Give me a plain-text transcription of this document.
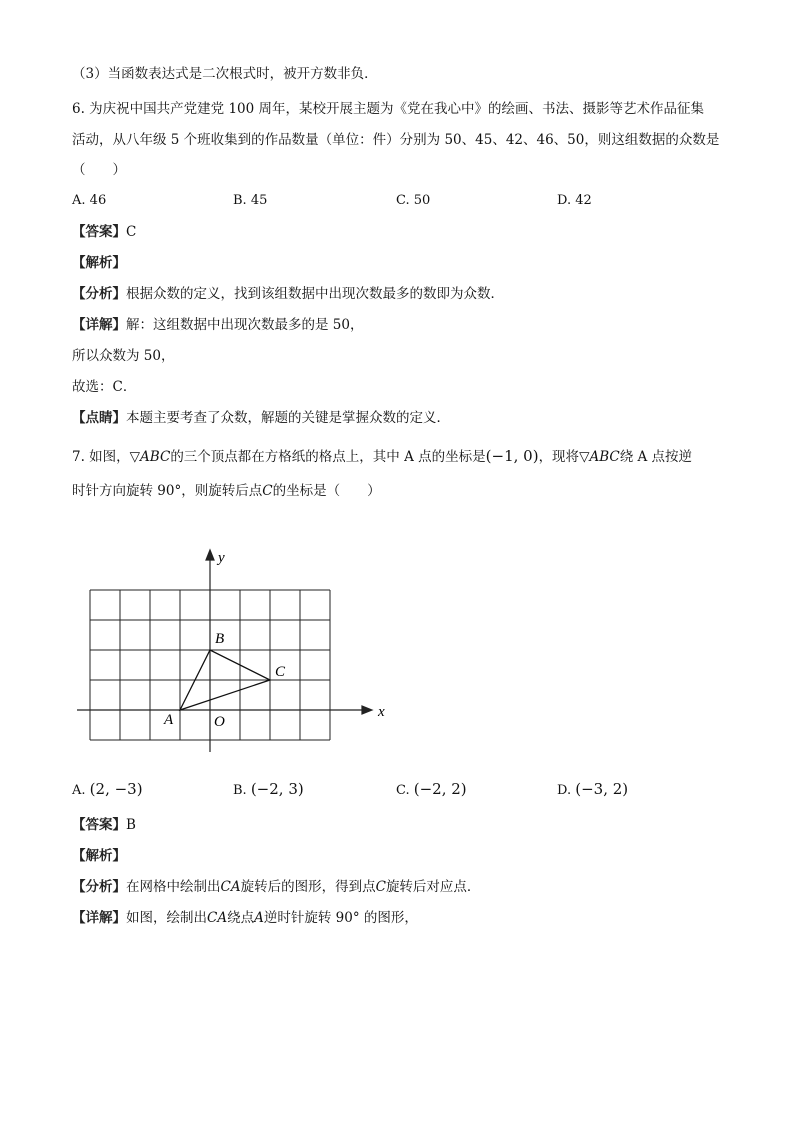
（3）当函数表达式是二次根式时，被开方数非负．
6. 为庆祝中国共产党建党 100 周年，某校开展主题为《党在我心中》的绘画、书法、摄影等艺术作品征集
活动，从八年级 5 个班收集到的作品数量（单位：件）分别为 50、45、42、46、50，则这组数据的众数是
（　　）
A. 46	B. 45	C. 50	D. 42
【答案】C
【解析】
【分析】根据众数的定义，找到该组数据中出现次数最多的数即为众数．
【详解】解：这组数据中出现次数最多的是 50，
所以众数为 50，
故选：C．
【点睛】本题主要考查了众数，解题的关键是掌握众数的定义．
7. 如图，▽ABC的三个顶点都在方格纸的格点上，其中 A 点的坐标是(−1, 0)，现将▽ABC绕 A 点按逆
时针方向旋转 90°，则旋转后点C的坐标是（　　）
x
y
A
B
C
O
A. (2, −3)	B. (−2, 3)	C. (−2, 2)	D. (−3, 2)
【答案】B
【解析】
【分析】在网格中绘制出CA旋转后的图形，得到点C旋转后对应点．
【详解】如图，绘制出CA绕点A逆时针旋转 90° 的图形，
